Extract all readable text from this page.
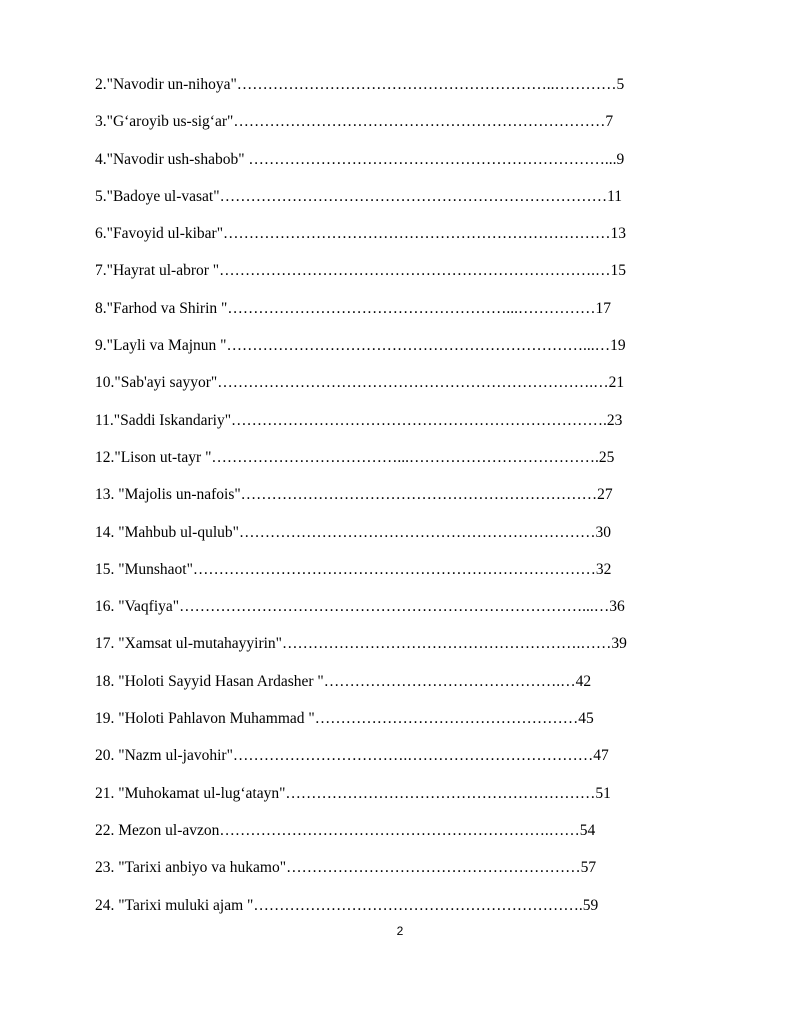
2."Navodir un-nihoya"……………………………………………………..…………5
3."G‘aroyib us-sig‘ar"………………………………………………………………7
4."Navodir ush-shabob" ……………………………………………………………...9
5."Badoye ul-vasat"…………………………………………………………………11
6."Favoyid ul-kibar"…………………………………………………………………13
7."Hayrat ul-abror "……………………………………………………………….…15
8."Farhod va Shirin "………………………………………………...……………17
9."Layli va Majnun "……………………………………………………………...…19
10."Sab'ayi sayyor"……………………………………………………………….…21
11."Saddi Iskandariy"……………………………………………………………….23
12."Lison ut-tayr "………………………………...……………………………….25
13. "Majolis un-nafois"……………………………………………………………27
14. "Mahbub ul-qulub"……………………………………………………………30
15. "Munshaot"……………………………………………………………………32
16. "Vaqfiya"……………………………………………………………………...…36
17. "Xamsat ul-mutahayyirin"………………………………………………….……39
18. "Holoti Sayyid Hasan Ardasher "……………………………………….…42
19. "Holoti Pahlavon Muhammad "……………………………………………45
20. "Nazm ul-javohir"…………………………….………………………………47
21. "Muhokamat ul-lug‘atayn"……………………………………………………51
22. Mezon ul-avzon……………………………………………………….……54
23. "Tarixi anbiyo va hukamo"…………………………………………………57
24. "Tarixi muluki ajam "……………………………………………………….59
2
